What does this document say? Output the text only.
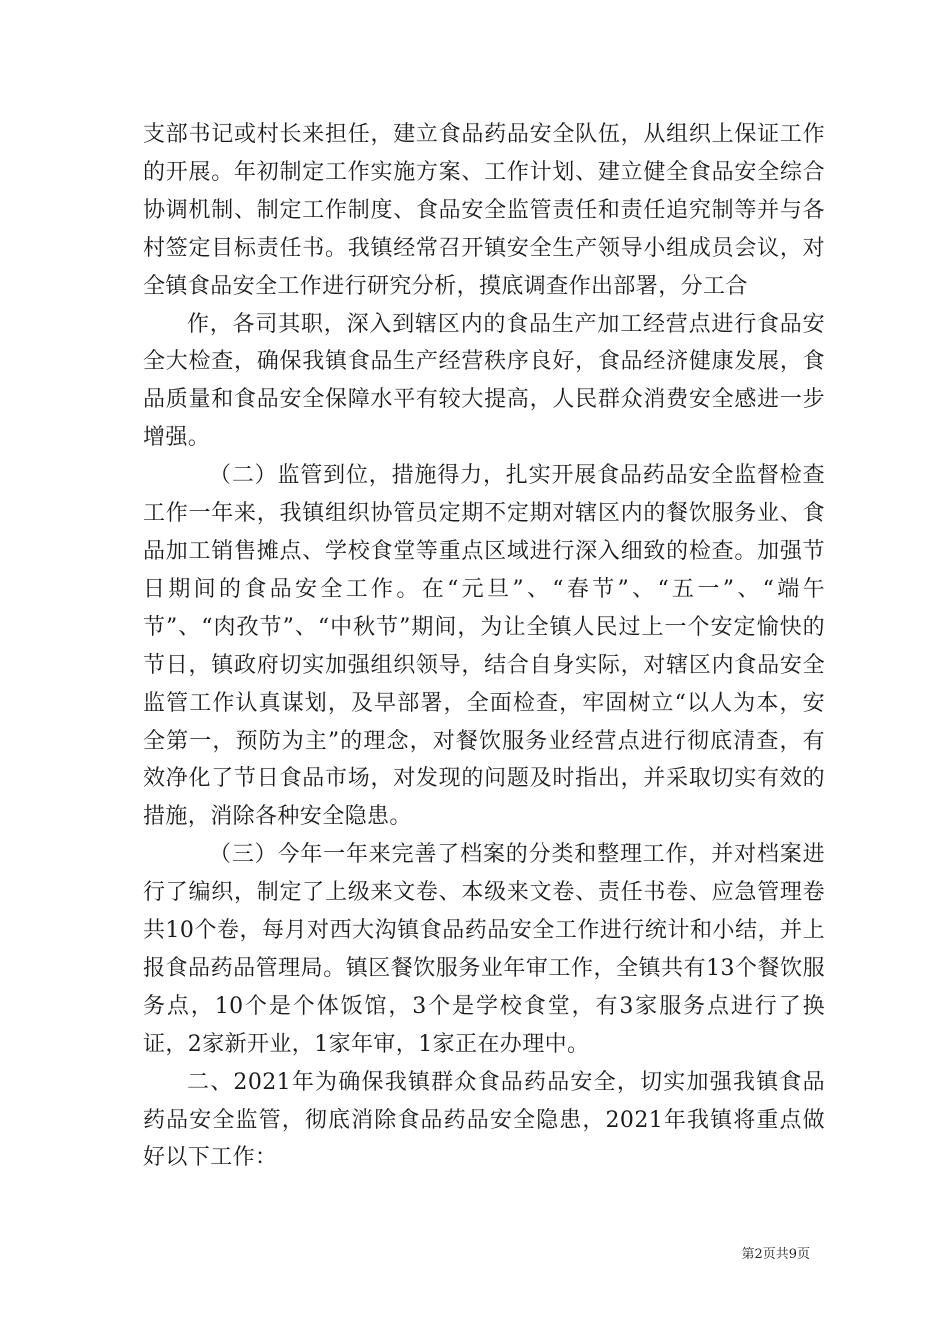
支部书记或村长来担任，建立食品药品安全队伍，从组织上保证工作的开展。年初制定工作实施方案、工作计划、建立健全食品安全综合协调机制、制定工作制度、食品安全监管责任和责任追究制等并与各村签定目标责任书。我镇经常召开镇安全生产领导小组成员会议，对全镇食品安全工作进行研究分析，摸底调查作出部署，分工合

作，各司其职，深入到辖区内的食品生产加工经营点进行食品安全大检查，确保我镇食品生产经营秩序良好，食品经济健康发展，食品质量和食品安全保障水平有较大提高，人民群众消费安全感进一步增强。

（二）监管到位，措施得力，扎实开展食品药品安全监督检查工作一年来，我镇组织协管员定期不定期对辖区内的餐饮服务业、食品加工销售摊点、学校食堂等重点区域进行深入细致的检查。加强节日期间的食品安全工作。在“元旦”、“春节”、“五一”、“端午节”、“肉孜节”、“中秋节”期间，为让全镇人民过上一个安定愉快的节日，镇政府切实加强组织领导，结合自身实际，对辖区内食品安全监管工作认真谋划，及早部署，全面检查，牢固树立“以人为本，安全第一，预防为主”的理念，对餐饮服务业经营点进行彻底清查，有效净化了节日食品市场，对发现的问题及时指出，并采取切实有效的措施，消除各种安全隐患。

（三）今年一年来完善了档案的分类和整理工作，并对档案进行了编织，制定了上级来文卷、本级来文卷、责任书卷、应急管理卷共10个卷，每月对西大沟镇食品药品安全工作进行统计和小结，并上报食品药品管理局。镇区餐饮服务业年审工作，全镇共有13个餐饮服务点，10个是个体饭馆，3个是学校食堂，有3家服务点进行了换证，2家新开业，1家年审，1家正在办理中。

二、2021年为确保我镇群众食品药品安全，切实加强我镇食品药品安全监管，彻底消除食品药品安全隐患，2021年我镇将重点做好以下工作：

第2页共9页
